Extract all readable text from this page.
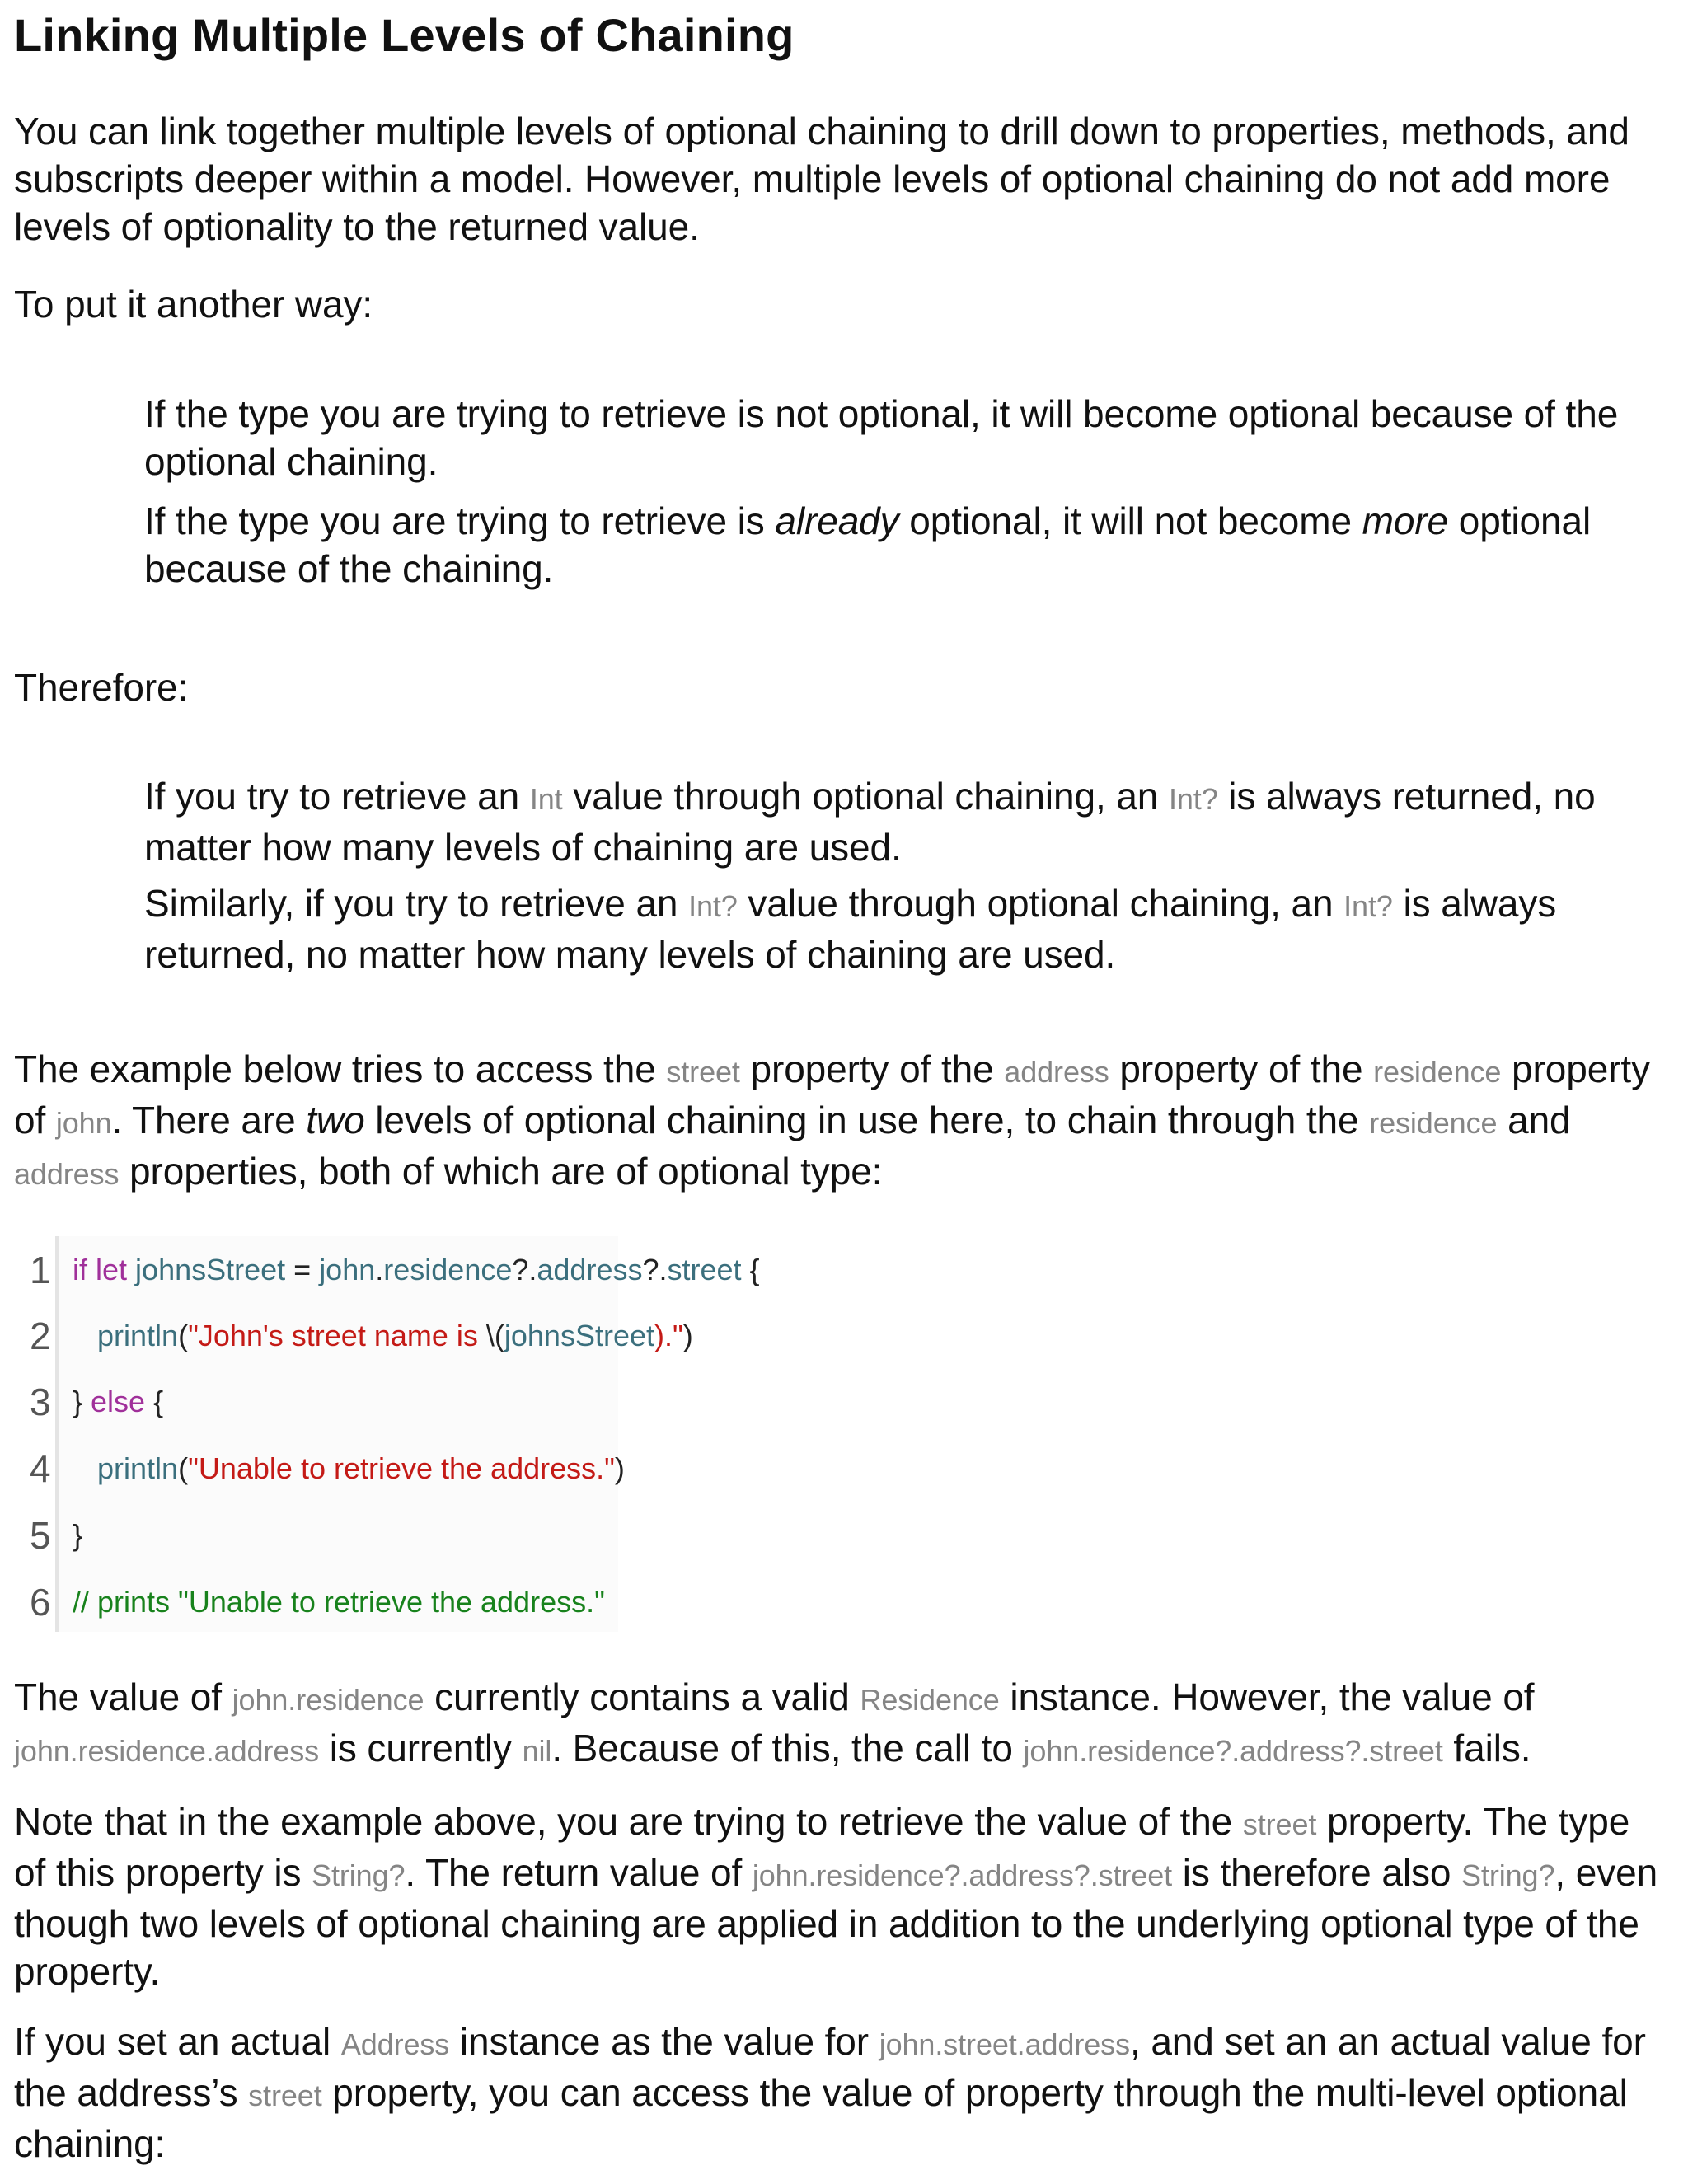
Linking Multiple Levels of Chaining

You can link together multiple levels of optional chaining to drill down to properties, methods, and subscripts deeper within a model. However, multiple levels of optional chaining do not add more levels of optionality to the returned value.

To put it another way:

If the type you are trying to retrieve is not optional, it will become optional because of the optional chaining.

If the type you are trying to retrieve is already optional, it will not become more optional because of the chaining.

Therefore:

If you try to retrieve an Int value through optional chaining, an Int? is always returned, no matter how many levels of chaining are used.

Similarly, if you try to retrieve an Int? value through optional chaining, an Int? is always returned, no matter how many levels of chaining are used.

The example below tries to access the street property of the address property of the residence property of john. There are two levels of optional chaining in use here, to chain through the residence and address properties, both of which are of optional type:

1 if let johnsStreet = john.residence?.address?.street {
2	println("John's street name is \(johnsStreet).")
3 } else {
4	println("Unable to retrieve the address.")
5 }
6 // prints "Unable to retrieve the address."

The value of john.residence currently contains a valid Residence instance. However, the value of john.residence.address is currently nil. Because of this, the call to john.residence?.address?.street fails.

Note that in the example above, you are trying to retrieve the value of the street property. The type of this property is String?. The return value of john.residence?.address?.street is therefore also String?, even though two levels of optional chaining are applied in addition to the underlying optional type of the property.

If you set an actual Address instance as the value for john.street.address, and set an an actual value for the address’s street property, you can access the value of property through the multi-level optional chaining:
